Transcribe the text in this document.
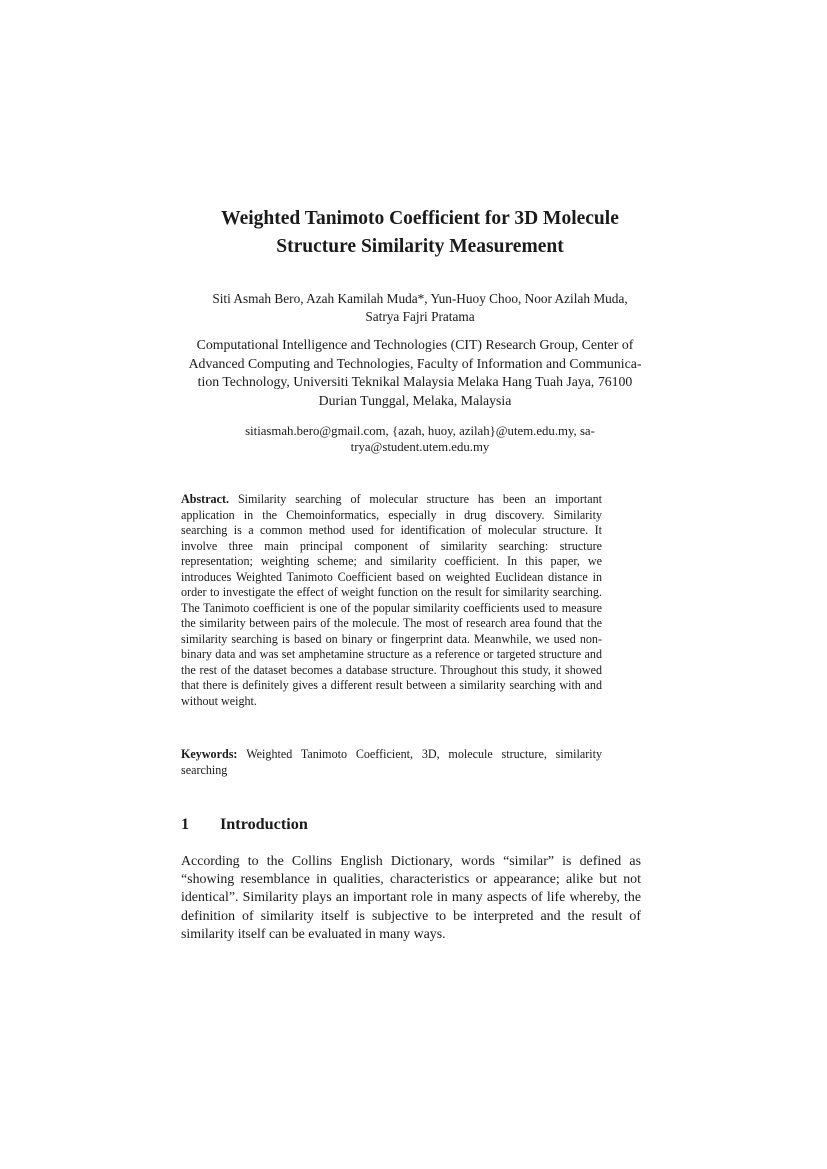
Weighted Tanimoto Coefficient for 3D Molecule
Structure Similarity Measurement
Siti Asmah Bero, Azah Kamilah Muda*, Yun-Huoy Choo, Noor Azilah Muda,
Satrya Fajri Pratama
Computational Intelligence and Technologies (CIT) Research Group, Center of
Advanced Computing and Technologies, Faculty of Information and Communica-
tion Technology, Universiti Teknikal Malaysia Melaka Hang Tuah Jaya, 76100
Durian Tunggal, Melaka, Malaysia
sitiasmah.bero@gmail.com, {azah, huoy, azilah}@utem.edu.my, sa-
trya@student.utem.edu.my
Abstract. Similarity searching of molecular structure has been an important application in the Chemoinformatics, especially in drug discovery. Similarity searching is a common method used for identification of molecular structure. It involve three main principal component of similarity searching: structure representation; weighting scheme; and similarity coefficient. In this paper, we introduces Weighted Tanimoto Coefficient based on weighted Euclidean distance in order to investigate the effect of weight function on the result for similarity searching. The Tanimoto coefficient is one of the popular similarity coefficients used to measure the similarity between pairs of the molecule. The most of research area found that the similarity searching is based on binary or fingerprint data. Meanwhile, we used non-binary data and was set amphetamine structure as a reference or targeted structure and the rest of the dataset becomes a database structure. Throughout this study, it showed that there is definitely gives a different result between a similarity searching with and without weight.
Keywords: Weighted Tanimoto Coefficient, 3D, molecule structure, similarity searching
1 Introduction
According to the Collins English Dictionary, words “similar” is defined as “showing resemblance in qualities, characteristics or appearance; alike but not identical”. Similarity plays an important role in many aspects of life whereby, the definition of similarity itself is subjective to be interpreted and the result of similarity itself can be evaluated in many ways.
